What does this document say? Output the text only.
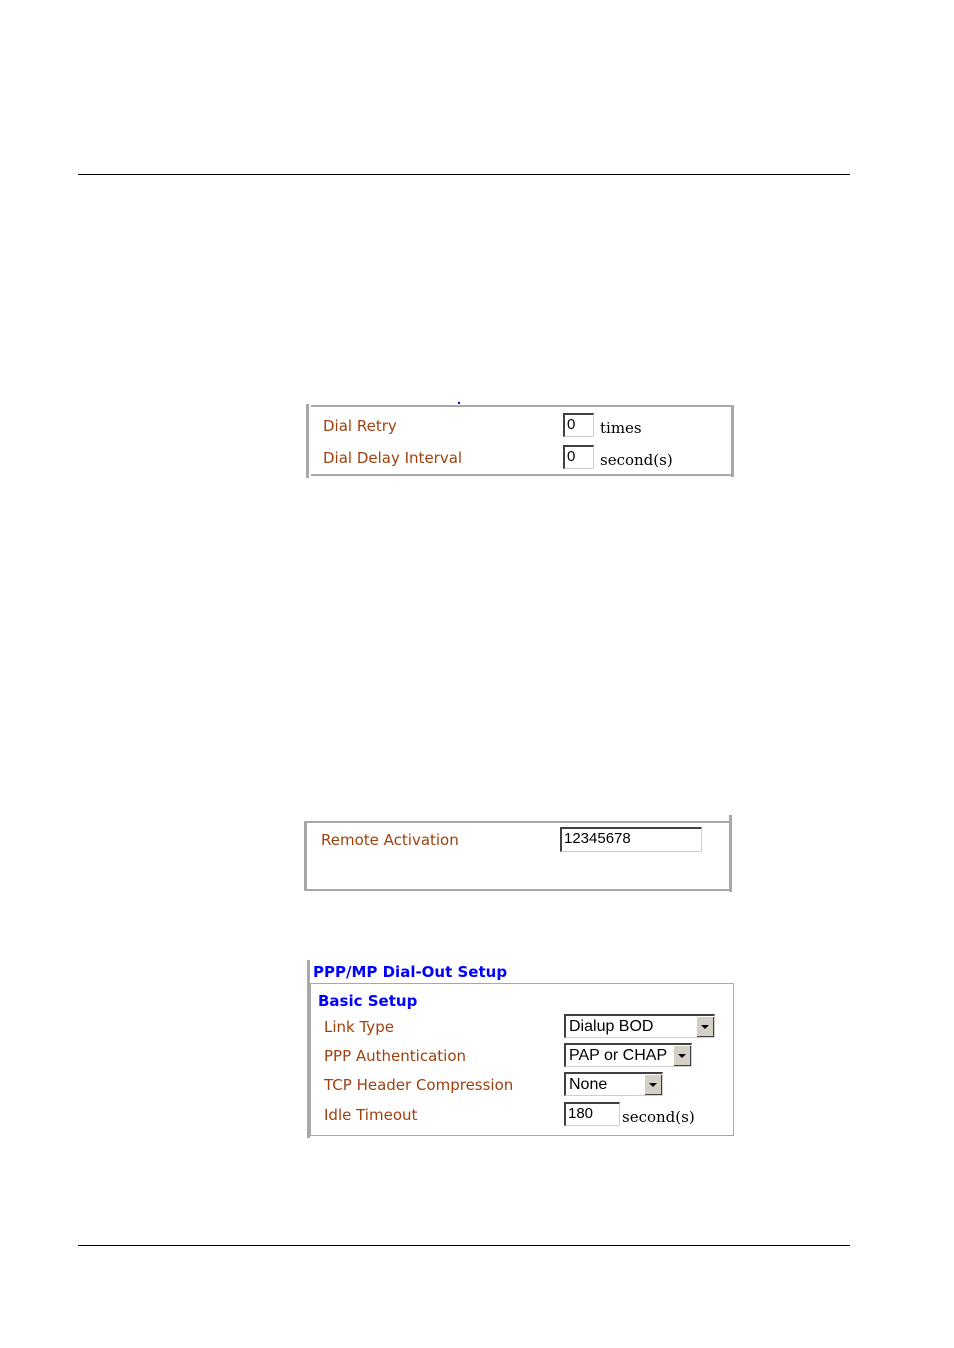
Dial Retry	0	times
Dial Delay Interval	0	second(s)
Remote Activation	12345678
PPP/MP Dial-Out Setup
Basic Setup
Link Type	Dialup BOD
PPP Authentication	PAP or CHAP
TCP Header Compression	None
Idle Timeout	180	second(s)
